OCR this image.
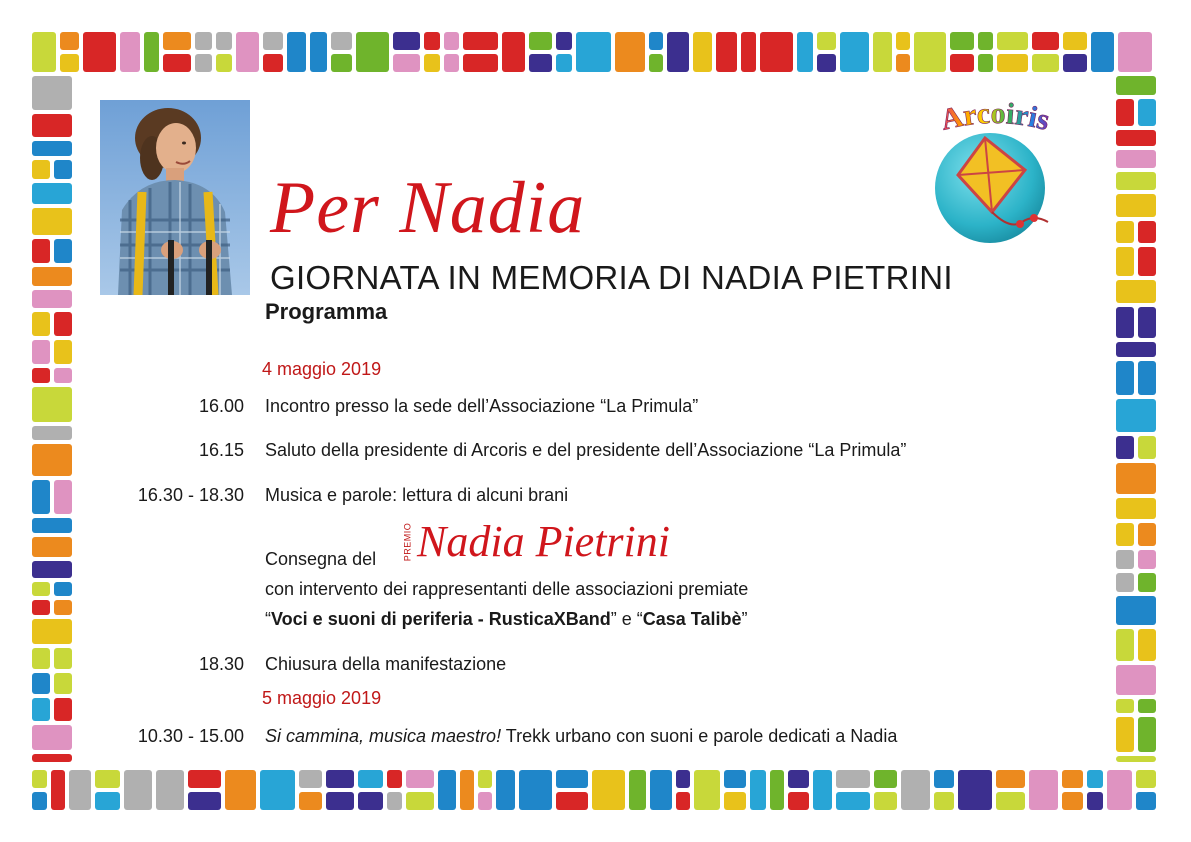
Arcoiris
Per Nadia
GIORNATA IN MEMORIA DI NADIA PIETRINI
Programma
4 maggio 2019
16.00 Incontro presso la sede dell’Associazione “La Primula”
16.15 Saluto della presidente di Arcoris e del presidente dell’Associazione “La Primula”
16.30 - 18.30 Musica e parole: lettura di alcuni brani
Consegna del	PREMIO Nadia Pietrini
con intervento dei rappresentanti delle associazioni premiate
“Voci e suoni di periferia - RusticaXBand” e “Casa Talibè”
18.30 Chiusura della manifestazione
5 maggio 2019
10.30 - 15.00 Si cammina, musica maestro! Trekk urbano con suoni e parole dedicati a Nadia
